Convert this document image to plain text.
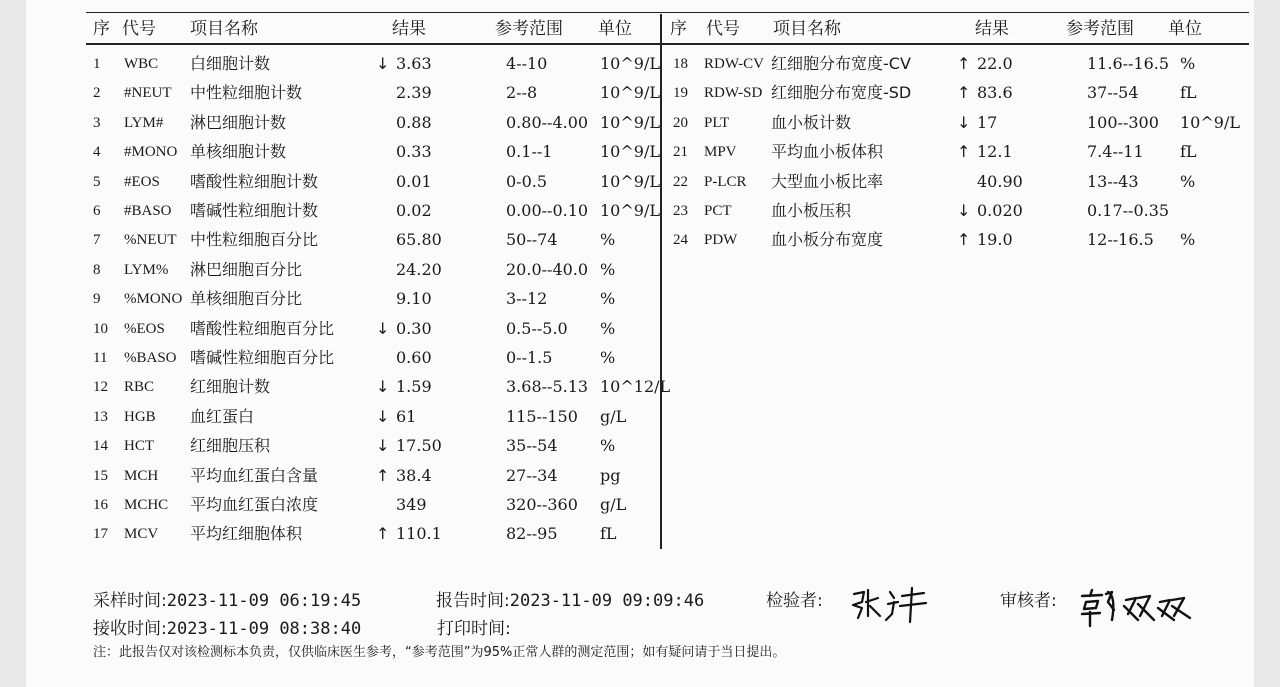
序 代号 项目名称	结果	参考范围 单位 序 代号 项目名称	结果	参考范围 单位
1 WBC 白细胞计数	↓ 3.63	4--10	10^9/L
2 #NEUT 中性粒细胞计数	2.39	2--8	10^9/L
3 LYM# 淋巴细胞计数	0.88	0.80--4.00 10^9/L
4 #MONO 单核细胞计数	0.33	0.1--1	10^9/L
5 #EOS 嗜酸性粒细胞计数	0.01	0-0.5	10^9/L
6 #BASO 嗜碱性粒细胞计数	0.02	0.00--0.10 10^9/L
7 %NEUT 中性粒细胞百分比	65.80	50--74	%
8 LYM% 淋巴细胞百分比	24.20	20.0--40.0 %
9 %MONO 单核细胞百分比	9.10	3--12	%
10 %EOS 嗜酸性粒细胞百分比	↓ 0.30	0.5--5.0 %
11 %BASO 嗜碱性粒细胞百分比	0.60	0--1.5	%
12 RBC 红细胞计数	↓ 1.59	3.68--5.13 10^12/L
13 HGB 血红蛋白	↓ 61	115--150 g/L
14 HCT 红细胞压积	↓ 17.50	35--54	%
15 MCH 平均血红蛋白含量	↑ 38.4	27--34	pg
16 MCHC 平均血红蛋白浓度	349	320--360 g/L
17 MCV 平均红细胞体积	↑ 110.1	82--95	fL
18 RDW-CV 红细胞分布宽度-CV	↑ 22.0	11.6--16.5 %
19 RDW-SD 红细胞分布宽度-SD	↑ 83.6	37--54	fL
20 PLT	血小板计数	↓ 17	100--300 10^9/L
21 MPV 平均血小板体积	↑ 12.1	7.4--11 fL
22 P-LCR 大型血小板比率	40.90	13--43	%
23 PCT 血小板压积	↓ 0.020	0.17--0.35
24 PDW 血小板分布宽度	↑ 19.0	12--16.5 %
采样时间:2023-11-09 06:19:45	报告时间:2023-11-09 09:09:46	检验者:	审核者:
接收时间:2023-11-09 08:38:40	打印时间:
注：此报告仅对该检测标本负责，仅供临床医生参考，“参考范围”为95%正常人群的测定范围；如有疑问请于当日提出。
